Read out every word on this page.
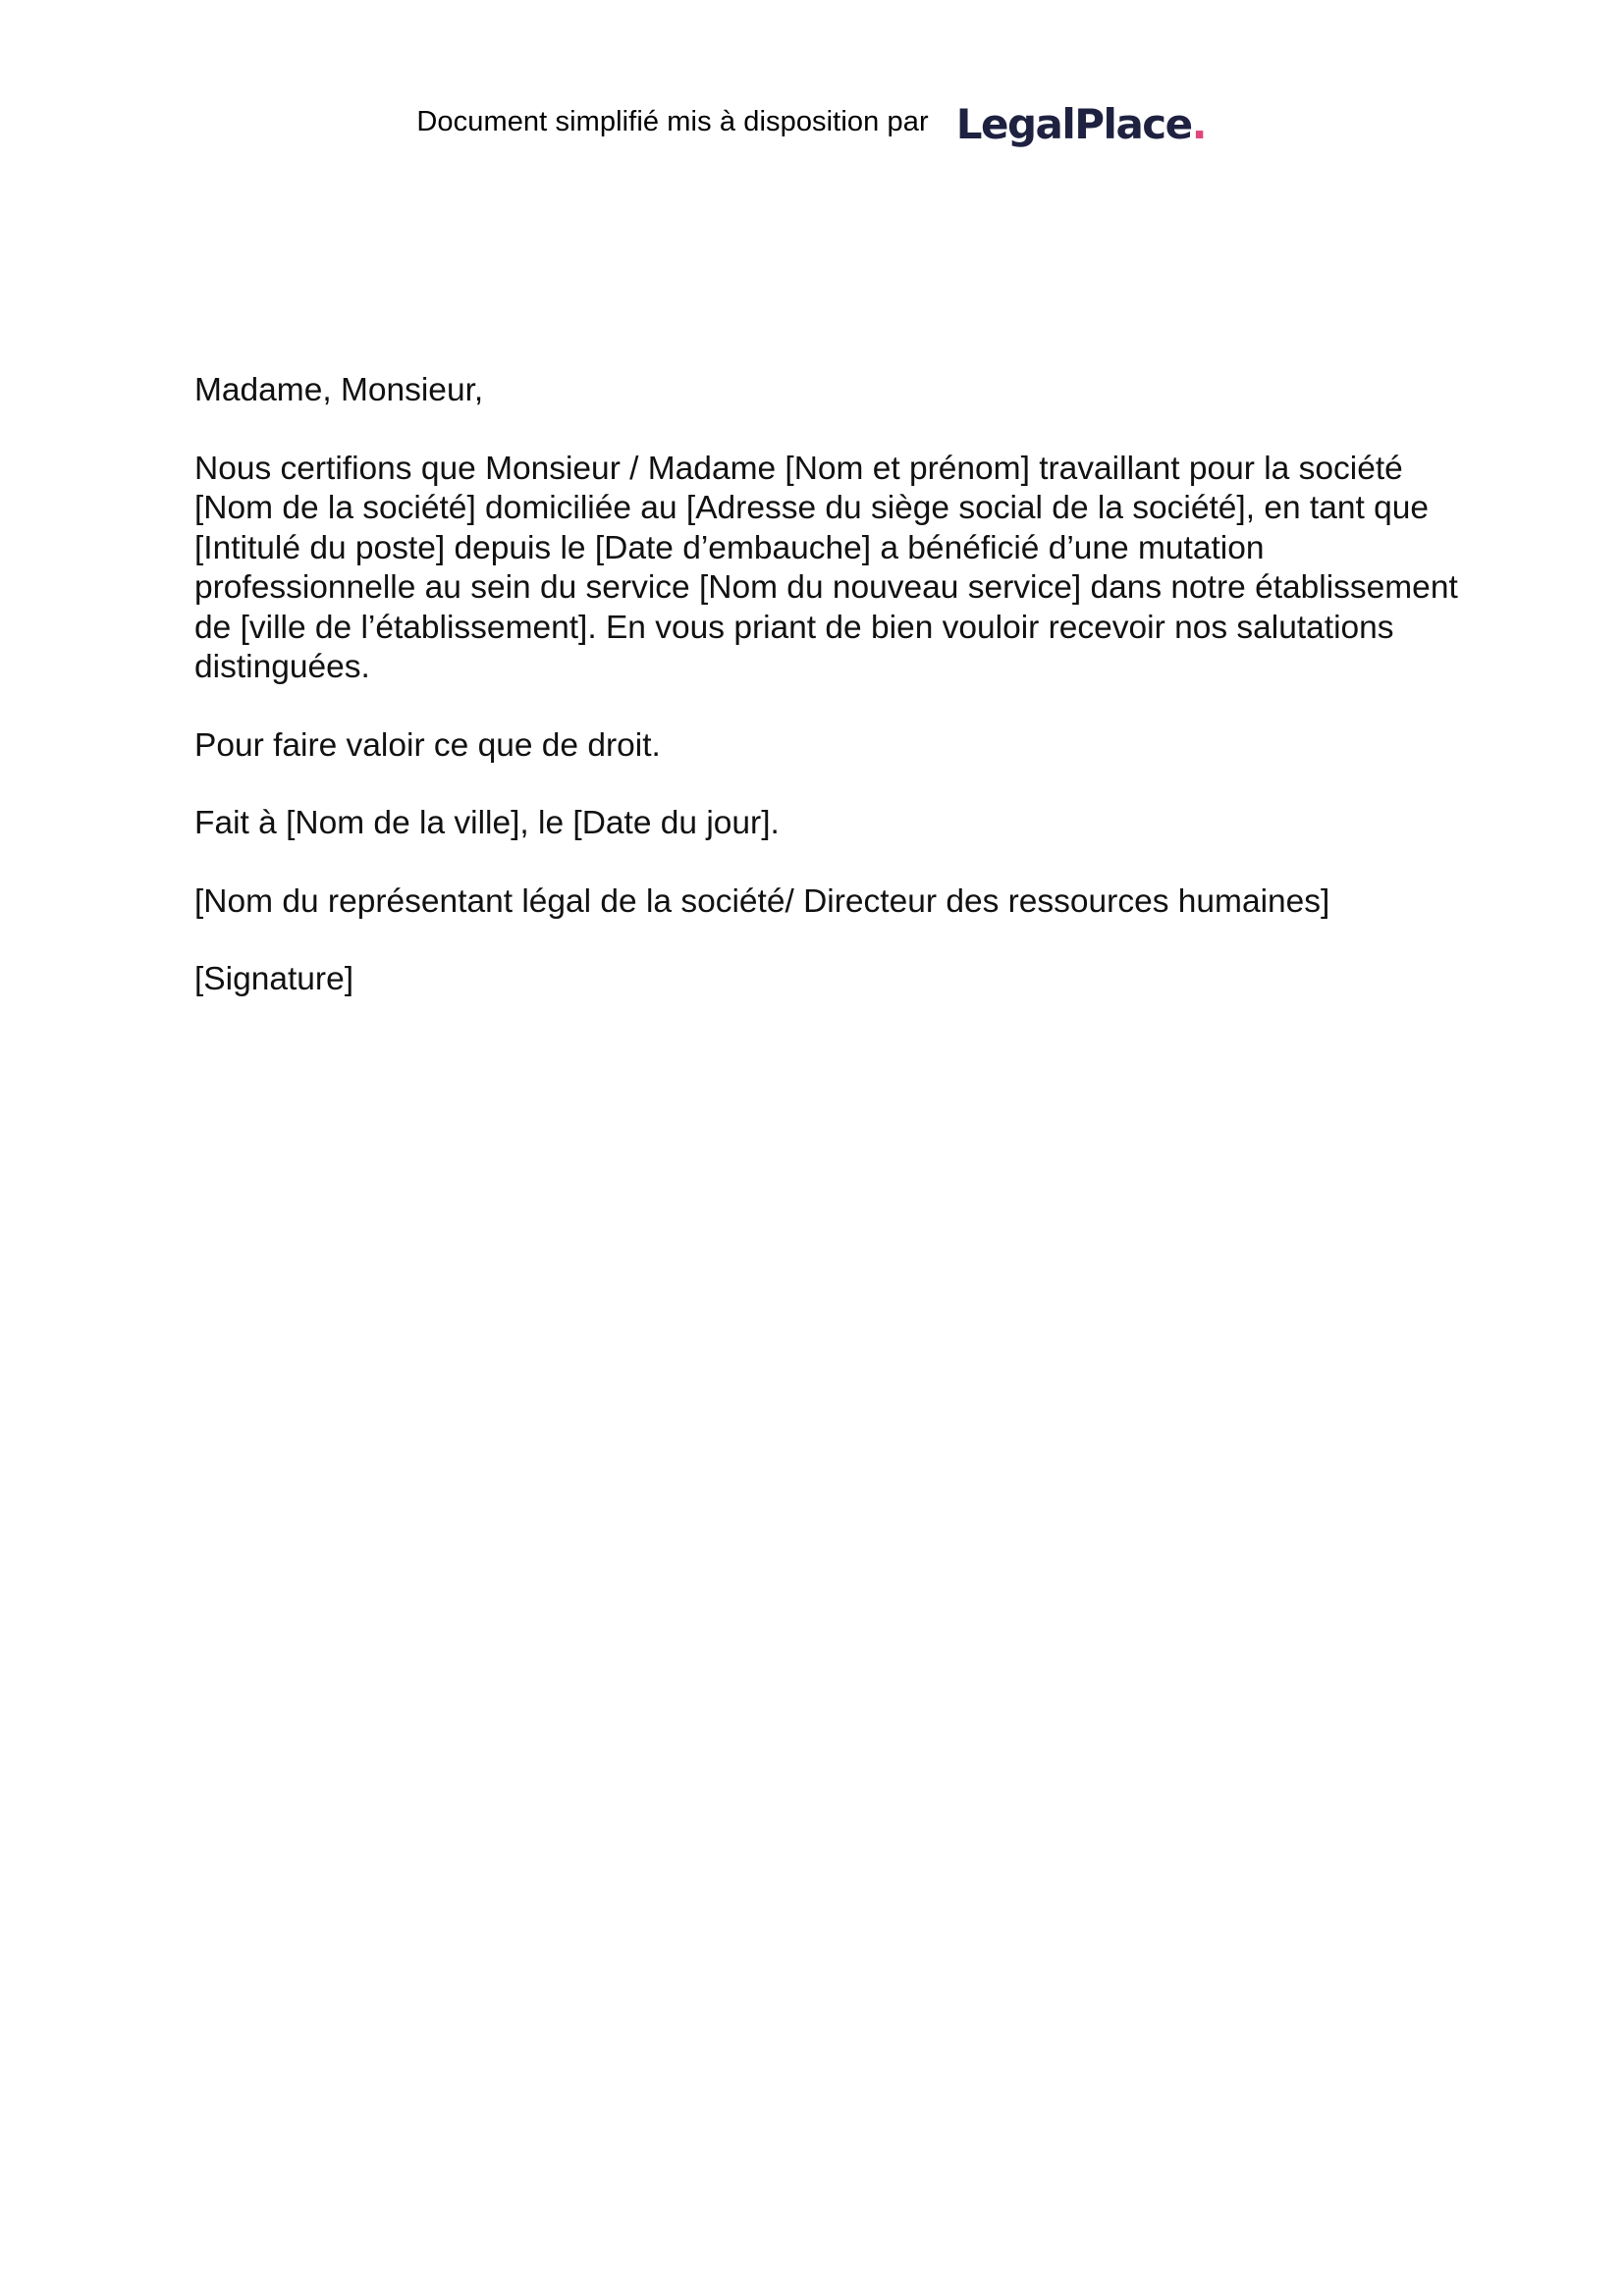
Document simplifié mis à disposition par LegalPlace .

Madame, Monsieur,

Nous certifions que Monsieur / Madame [Nom et prénom] travaillant pour la société [Nom de la société] domiciliée au [Adresse du siège social de la société], en tant que [Intitulé du poste] depuis le [Date d’embauche] a bénéficié d’une mutation professionnelle au sein du service [Nom du nouveau service] dans notre établissement de [ville de l’établissement]. En vous priant de bien vouloir recevoir nos salutations distinguées.

Pour faire valoir ce que de droit.

Fait à [Nom de la ville], le [Date du jour].

[Nom du représentant légal de la société/ Directeur des ressources humaines]

[Signature]
